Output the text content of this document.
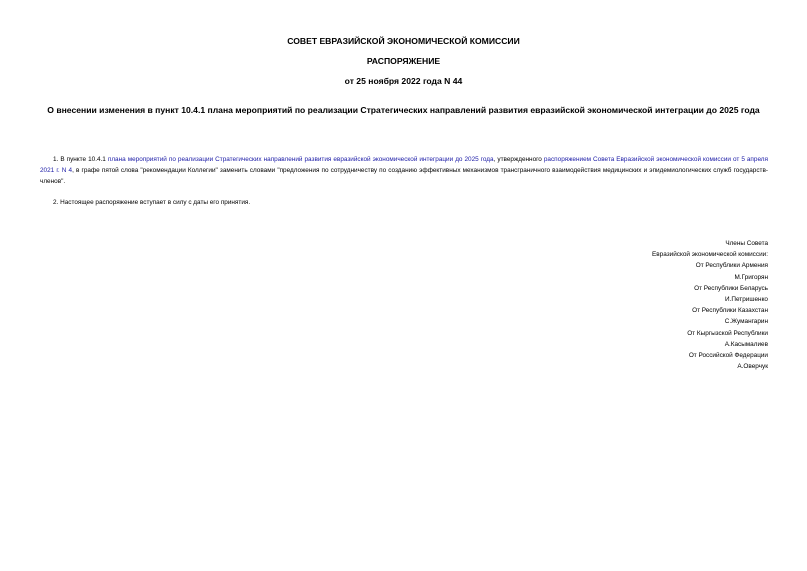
СОВЕТ ЕВРАЗИЙСКОЙ ЭКОНОМИЧЕСКОЙ КОМИССИИ
РАСПОРЯЖЕНИЕ
от 25 ноября 2022 года N 44
О внесении изменения в пункт 10.4.1 плана мероприятий по реализации Стратегических направлений развития евразийской экономической интеграции до 2025 года
1. В пункте 10.4.1 плана мероприятий по реализации Стратегических направлений развития евразийской экономической интеграции до 2025 года, утвержденного распоряжением Совета Евразийской экономической комиссии от 5 апреля 2021 г. N 4, в графе пятой слова "рекомендации Коллегии" заменить словами "предложения по сотрудничеству по созданию эффективных механизмов трансграничного взаимодействия медицинских и эпидемиологических служб государств-членов".
2. Настоящее распоряжение вступает в силу с даты его принятия.
Члены Совета
Евразийской экономической комиссии:
От Республики Армения
М.Григорян
От Республики Беларусь
И.Петришенко
От Республики Казахстан
С.Жумангарин
От Кыргызской Республики
А.Касымалиев
От Российской Федерации
А.Оверчук
